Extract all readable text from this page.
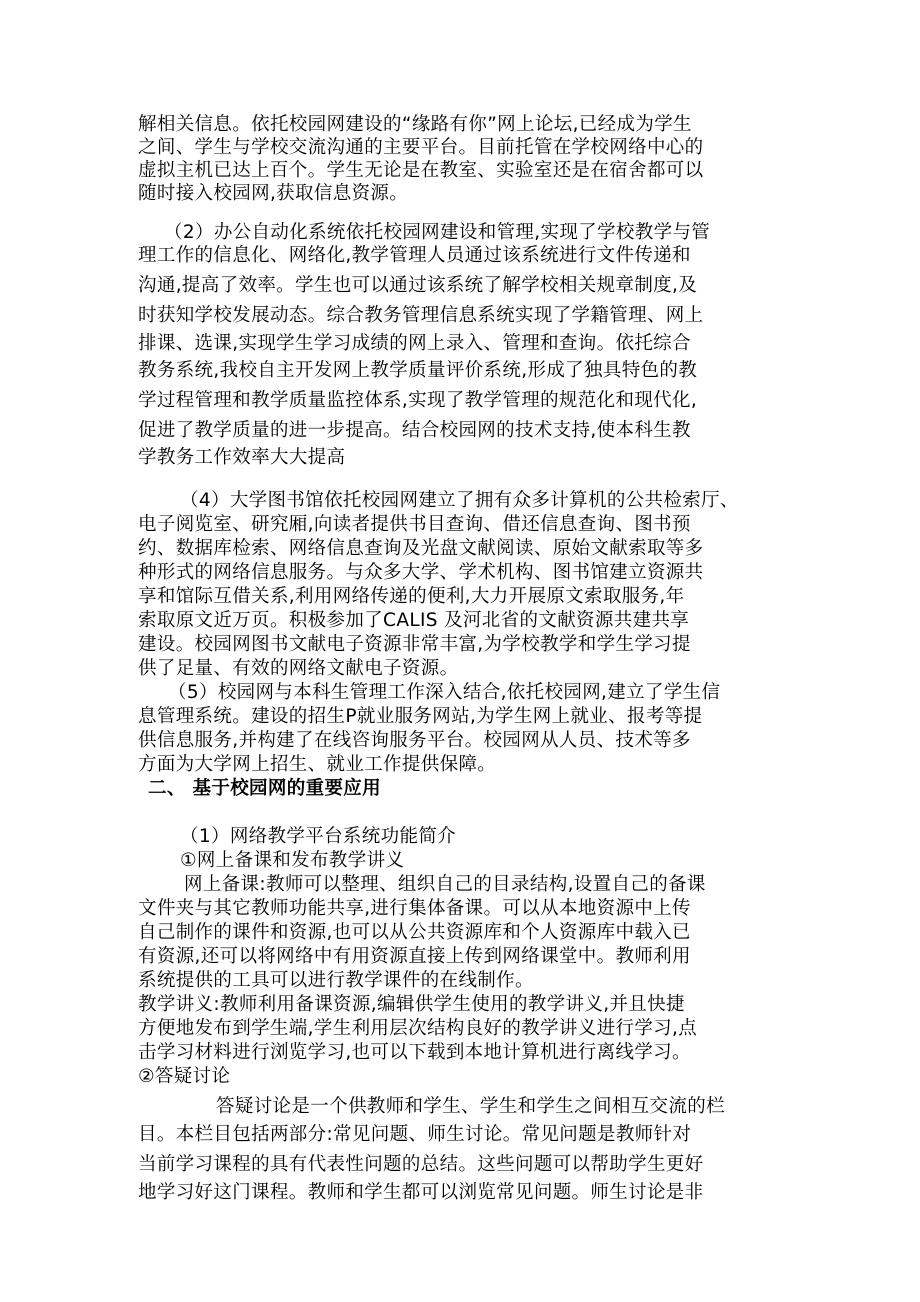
解相关信息。依托校园网建设的“缘路有你”网上论坛,已经成为学生
之间、学生与学校交流沟通的主要平台。目前托管在学校网络中心的
虚拟主机已达上百个。学生无论是在教室、实验室还是在宿舍都可以
随时接入校园网,获取信息资源。
（2）办公自动化系统依托校园网建设和管理,实现了学校教学与管
理工作的信息化、网络化,教学管理人员通过该系统进行文件传递和
沟通,提高了效率。学生也可以通过该系统了解学校相关规章制度,及
时获知学校发展动态。综合教务管理信息系统实现了学籍管理、网上
排课、选课,实现学生学习成绩的网上录入、管理和查询。依托综合
教务系统,我校自主开发网上教学质量评价系统,形成了独具特色的教
学过程管理和教学质量监控体系,实现了教学管理的规范化和现代化,
促进了教学质量的进一步提高。结合校园网的技术支持,使本科生教
学教务工作效率大大提高
（4）大学图书馆依托校园网建立了拥有众多计算机的公共检索厅、
电子阅览室、研究厢,向读者提供书目查询、借还信息查询、图书预
约、数据库检索、网络信息查询及光盘文献阅读、原始文献索取等多
种形式的网络信息服务。与众多大学、学术机构、图书馆建立资源共
享和馆际互借关系,利用网络传递的便利,大力开展原文索取服务,年
索取原文近万页。积极参加了CALIS 及河北省的文献资源共建共享
建设。校园网图书文献电子资源非常丰富,为学校教学和学生学习提
供了足量、有效的网络文献电子资源。
（5）校园网与本科生管理工作深入结合,依托校园网,建立了学生信
息管理系统。建设的招生P就业服务网站,为学生网上就业、报考等提
供信息服务,并构建了在线咨询服务平台。校园网从人员、技术等多
方面为大学网上招生、就业工作提供保障。
二、 基于校园网的重要应用
（1）网络教学平台系统功能简介
①网上备课和发布教学讲义
网上备课:教师可以整理、组织自己的目录结构,设置自己的备课
文件夹与其它教师功能共享,进行集体备课。可以从本地资源中上传
自己制作的课件和资源,也可以从公共资源库和个人资源库中载入已
有资源,还可以将网络中有用资源直接上传到网络课堂中。教师利用
系统提供的工具可以进行教学课件的在线制作。
教学讲义:教师利用备课资源,编辑供学生使用的教学讲义,并且快捷
方便地发布到学生端,学生利用层次结构良好的教学讲义进行学习,点
击学习材料进行浏览学习,也可以下载到本地计算机进行离线学习。
②答疑讨论
答疑讨论是一个供教师和学生、学生和学生之间相互交流的栏
目。本栏目包括两部分:常见问题、师生讨论。常见问题是教师针对
当前学习课程的具有代表性问题的总结。这些问题可以帮助学生更好
地学习好这门课程。教师和学生都可以浏览常见问题。师生讨论是非
